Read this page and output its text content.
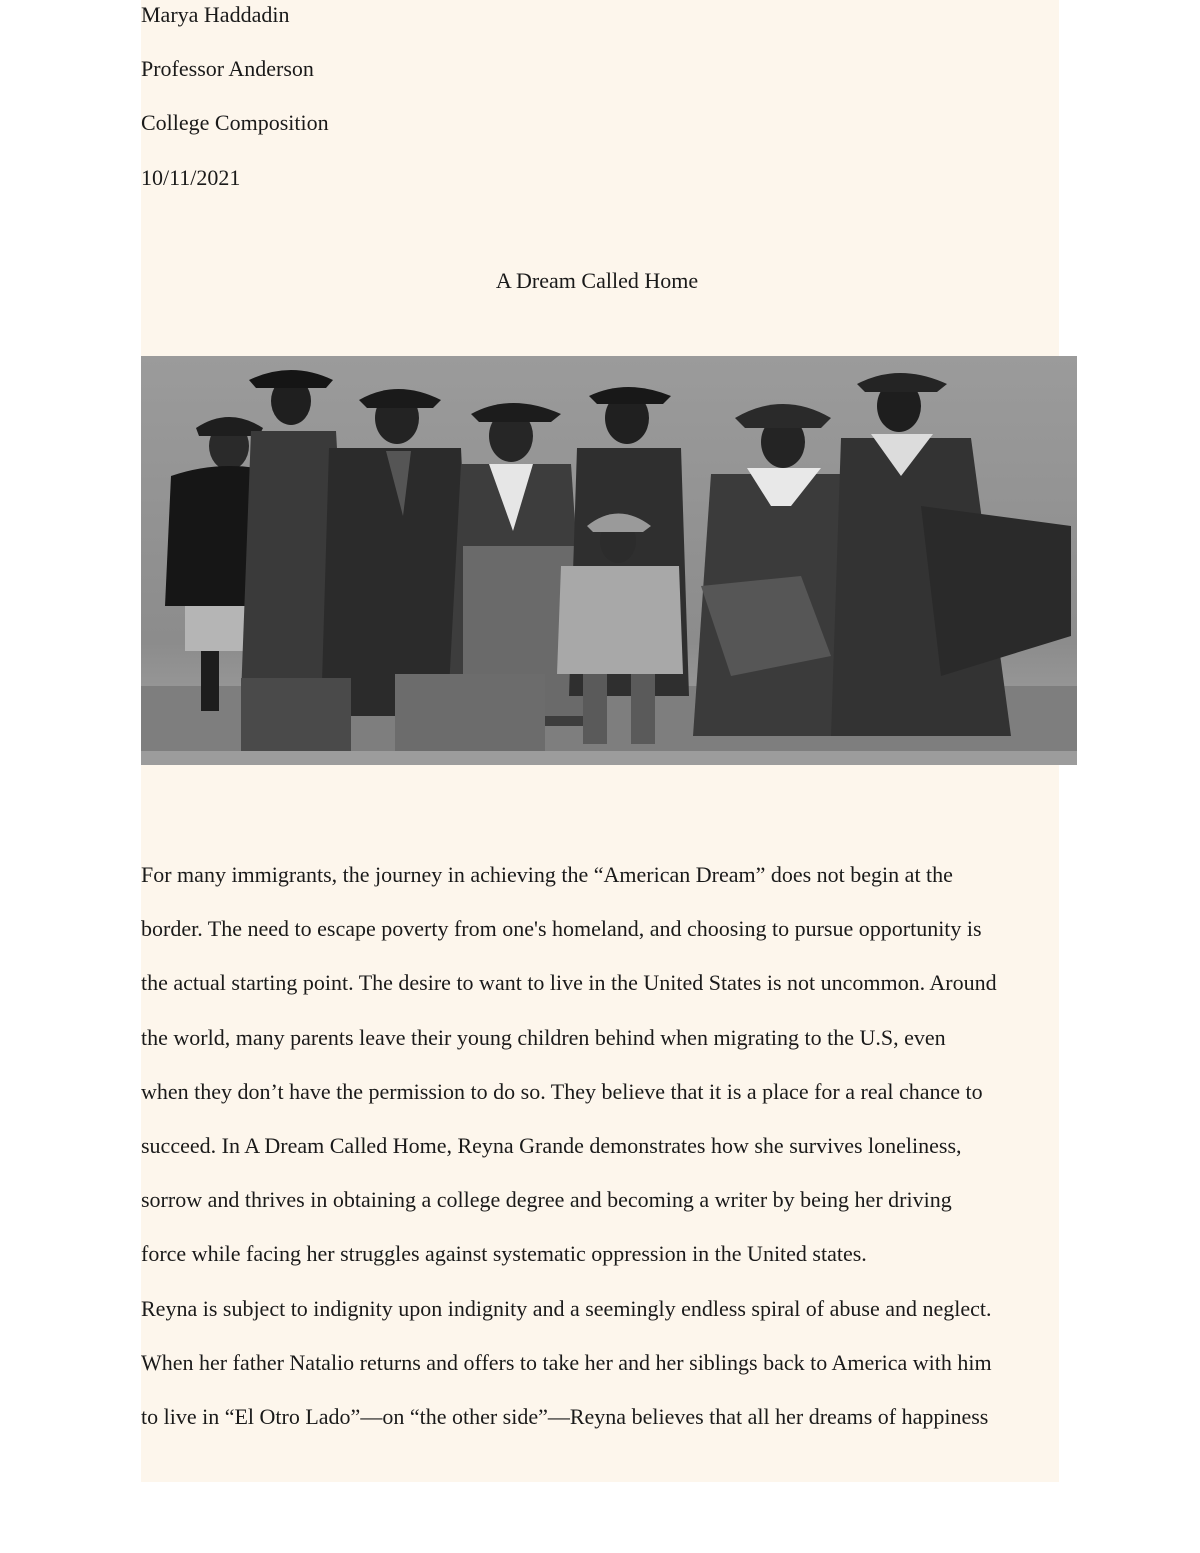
Marya Haddadin
Professor Anderson
College Composition
10/11/2021
A Dream Called Home
For many immigrants, the journey in achieving the “American Dream” does not begin at the
border. The need to escape poverty from one's homeland, and choosing to pursue opportunity is
the actual starting point. The desire to want to live in the United States is not uncommon. Around
the world, many parents leave their young children behind when migrating to the U.S, even
when they don’t have the permission to do so. They believe that it is a place for a real chance to
succeed. In A Dream Called Home, Reyna Grande demonstrates how she survives loneliness,
sorrow and thrives in obtaining a college degree and becoming a writer by being her driving
force while facing her struggles against systematic oppression in the United states.
Reyna is subject to indignity upon indignity and a seemingly endless spiral of abuse and neglect.
When her father Natalio returns and offers to take her and her siblings back to America with him
to live in “El Otro Lado”—on “the other side”—Reyna believes that all her dreams of happiness
